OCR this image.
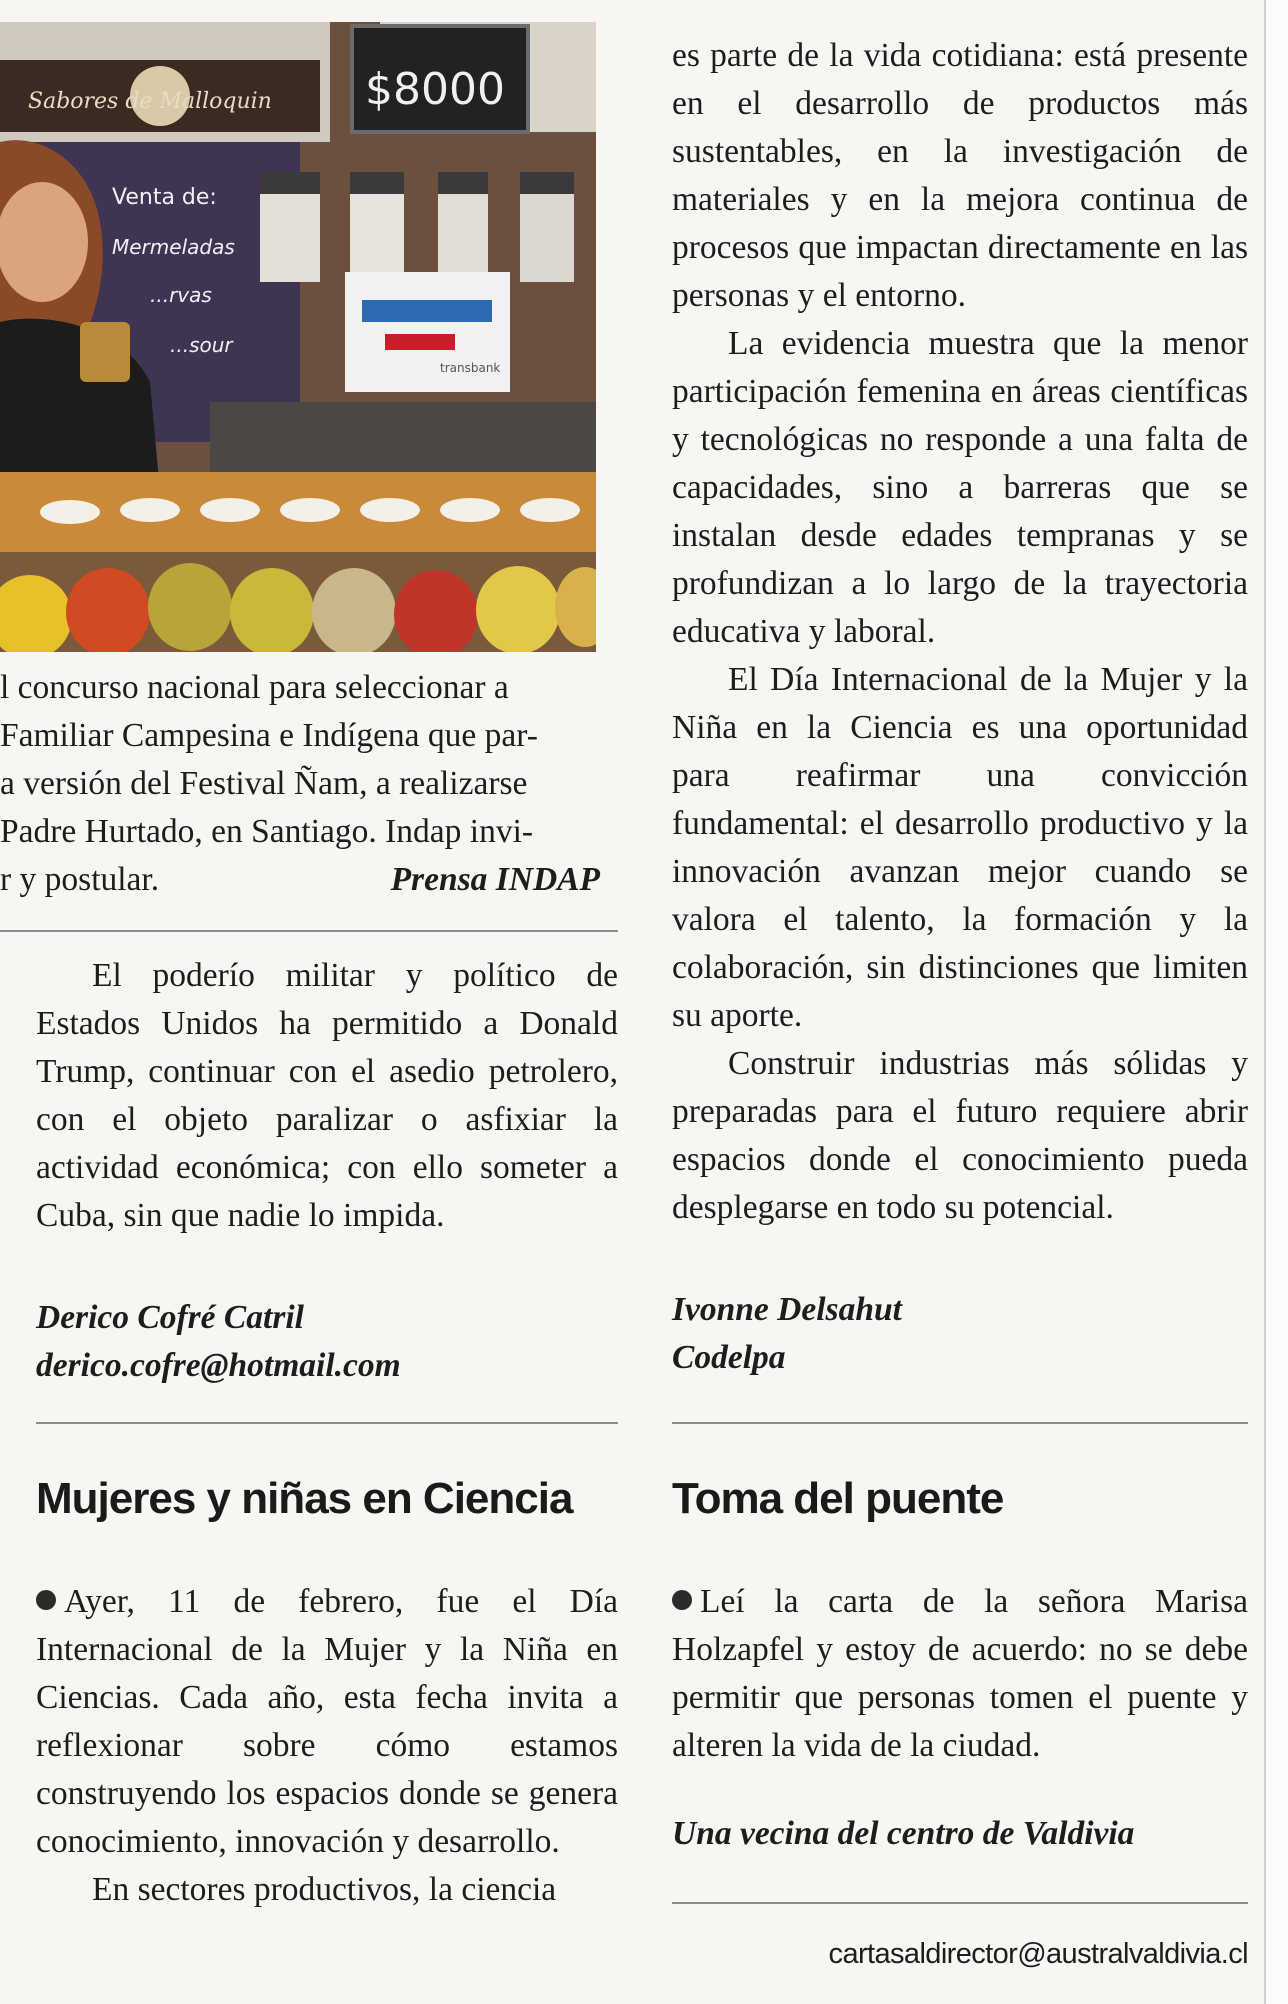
Sabores de Malloquin $8000
Venta de:
Mermeladas
...rvas
...sour
transbank

l concurso nacional para seleccionar a

Familiar Campesina e Indígena que par-

a versión del Festival Ñam, a realizarse

Padre Hurtado, en Santiago. Indap invi-

r y postular.	Prensa INDAP

El poderío militar y político de Estados Unidos ha permitido a Donald Trump, continuar con el asedio petrolero, con el objeto paralizar o asfixiar la actividad económica; con ello someter a Cuba, sin que nadie lo impida.

Derico Cofré Catril

derico.cofre@hotmail.com

Mujeres y niñas en Ciencia

Ayer, 11 de febrero, fue el Día Internacional de la Mujer y la Niña en Ciencias. Cada año, esta fecha invita a reflexionar sobre cómo estamos construyendo los espacios donde se genera conocimiento, innovación y desarrollo.

En sectores productivos, la ciencia

es parte de la vida cotidiana: está presente en el desarrollo de productos más sustentables, en la investigación de materiales y en la mejora continua de procesos que impactan directamente en las personas y el entorno.

La evidencia muestra que la menor participación femenina en áreas científicas y tecnológicas no responde a una falta de capacidades, sino a barreras que se instalan desde edades tempranas y se profundizan a lo largo de la trayectoria educativa y laboral.

El Día Internacional de la Mujer y la Niña en la Ciencia es una oportunidad para reafirmar una convicción fundamental: el desarrollo productivo y la innovación avanzan mejor cuando se valora el talento, la formación y la colaboración, sin distinciones que limiten su aporte.

Construir industrias más sólidas y preparadas para el futuro requiere abrir espacios donde el conocimiento pueda desplegarse en todo su potencial.

Ivonne Delsahut

Codelpa

Toma del puente

Leí la carta de la señora Marisa Holzapfel y estoy de acuerdo: no se debe permitir que personas tomen el puente y alteren la vida de la ciudad.

Una vecina del centro de Valdivia

cartasaldirector@australvaldivia.cl
